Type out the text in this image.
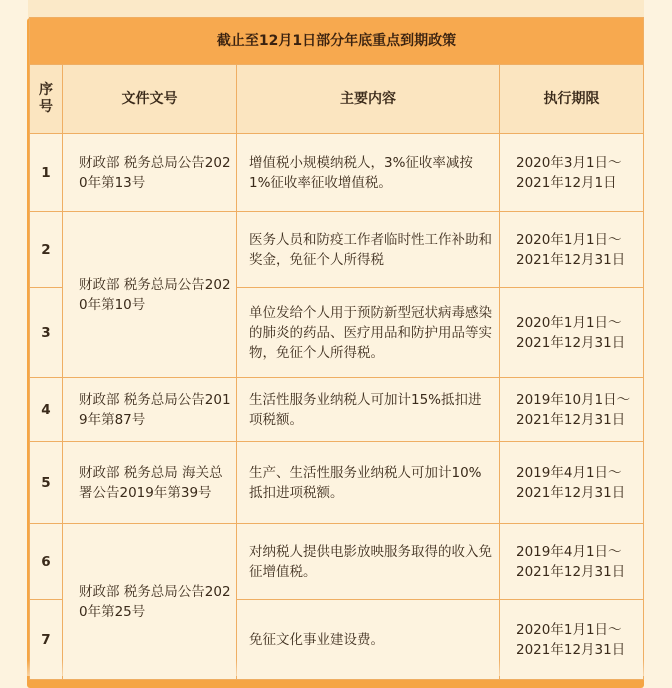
截止至12月1日部分年底重点到期政策			
序号	文件文号	主要内容	执行期限
1	财政部 税务总局公告2020年第13号	增值税小规模纳税人，3%征收率减按1%征收率征收增值税。	2020年3月1日～
2021年12月1日
2	财政部 税务总局公告2020年第10号	医务人员和防疫工作者临时性工作补助和奖金，免征个人所得税	2020年1月1日～
2021年12月31日
3		单位发给个人用于预防新型冠状病毒感染的肺炎的药品、医疗用品和防护用品等实物，免征个人所得税。	2020年1月1日～
2021年12月31日
4	财政部 税务总局公告2019年第87号	生活性服务业纳税人可加计15%抵扣进项税额。	2019年10月1日～
2021年12月31日
5	财政部 税务总局 海关总署公告2019年第39号	生产、生活性服务业纳税人可加计10%抵扣进项税额。	2019年4月1日～
2021年12月31日
6	财政部 税务总局公告2020年第25号	对纳税人提供电影放映服务取得的收入免征增值税。	2019年4月1日～
2021年12月31日
7		免征文化事业建设费。	2020年1月1日～
2021年12月31日
